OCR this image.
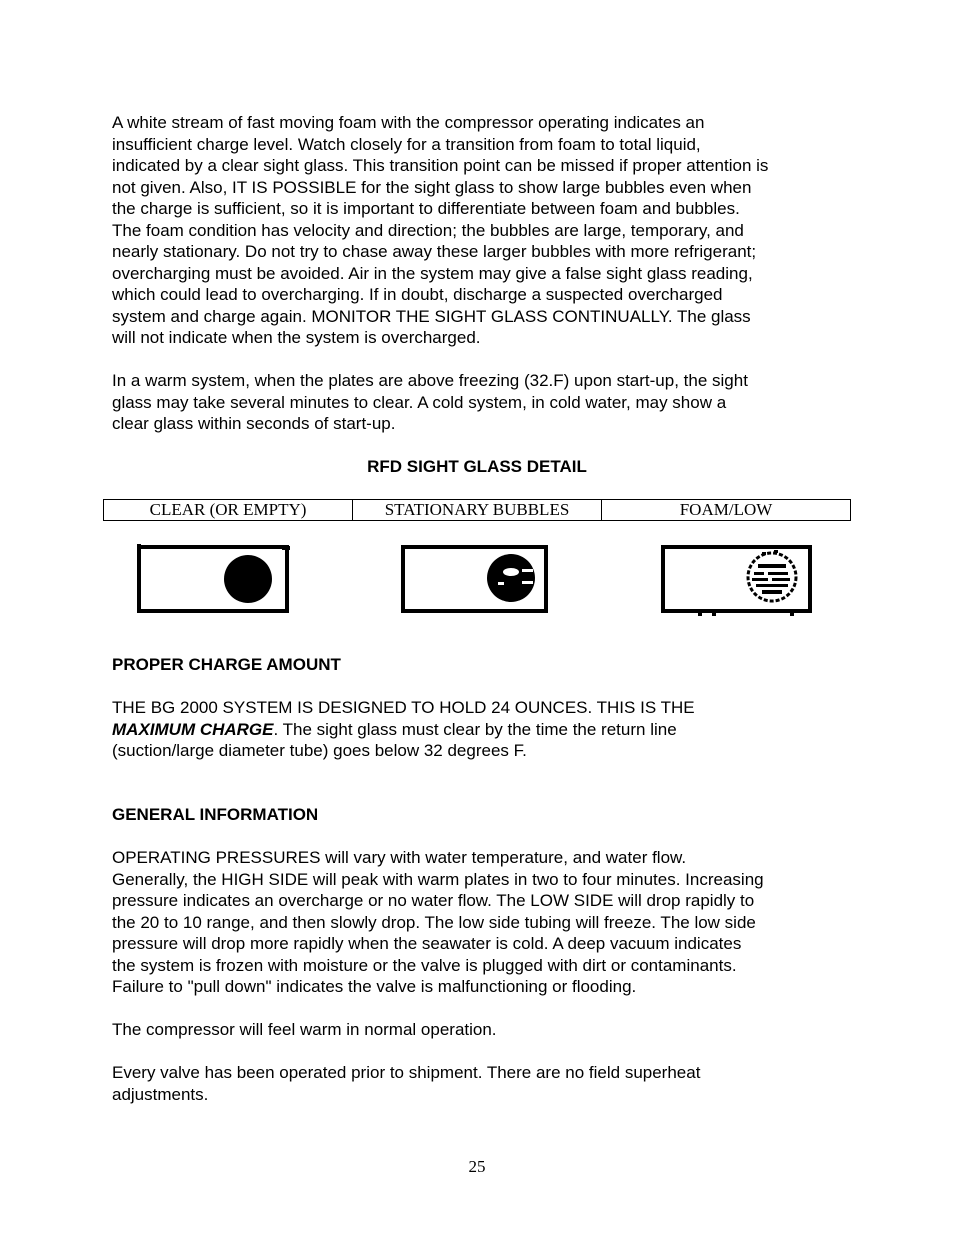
A white stream of fast moving foam with the compressor operating indicates an
insufficient charge level. Watch closely for a transition from foam to total liquid,
indicated by a clear sight glass. This transition point can be missed if proper attention is
not given. Also, IT IS POSSIBLE for the sight glass to show large bubbles even when
the charge is sufficient, so it is important to differentiate between foam and bubbles.
The foam condition has velocity and direction; the bubbles are large, temporary, and
nearly stationary. Do not try to chase away these larger bubbles with more refrigerant;
overcharging must be avoided. Air in the system may give a false sight glass reading,
which could lead to overcharging. If in doubt, discharge a suspected overcharged
system and charge again. MONITOR THE SIGHT GLASS CONTINUALLY. The glass
will not indicate when the system is overcharged.

In a warm system, when the plates are above freezing (32.F) upon start-up, the sight
glass may take several minutes to clear. A cold system, in cold water, may show a
clear glass within seconds of start-up.

RFD SIGHT GLASS DETAIL

CLEAR (OR EMPTY)	STATIONARY BUBBLES	FOAM/LOW

PROPER CHARGE AMOUNT

THE BG 2000 SYSTEM IS DESIGNED TO HOLD 24 OUNCES. THIS IS THE
MAXIMUM CHARGE. The sight glass must clear by the time the return line
(suction/large diameter tube) goes below 32 degrees F.

GENERAL INFORMATION

OPERATING PRESSURES will vary with water temperature, and water flow.
Generally, the HIGH SIDE will peak with warm plates in two to four minutes. Increasing
pressure indicates an overcharge or no water flow. The LOW SIDE will drop rapidly to
the 20 to 10 range, and then slowly drop. The low side tubing will freeze. The low side
pressure will drop more rapidly when the seawater is cold. A deep vacuum indicates
the system is frozen with moisture or the valve is plugged with dirt or contaminants.
Failure to "pull down" indicates the valve is malfunctioning or flooding.

The compressor will feel warm in normal operation.

Every valve has been operated prior to shipment. There are no field superheat
adjustments.

25
